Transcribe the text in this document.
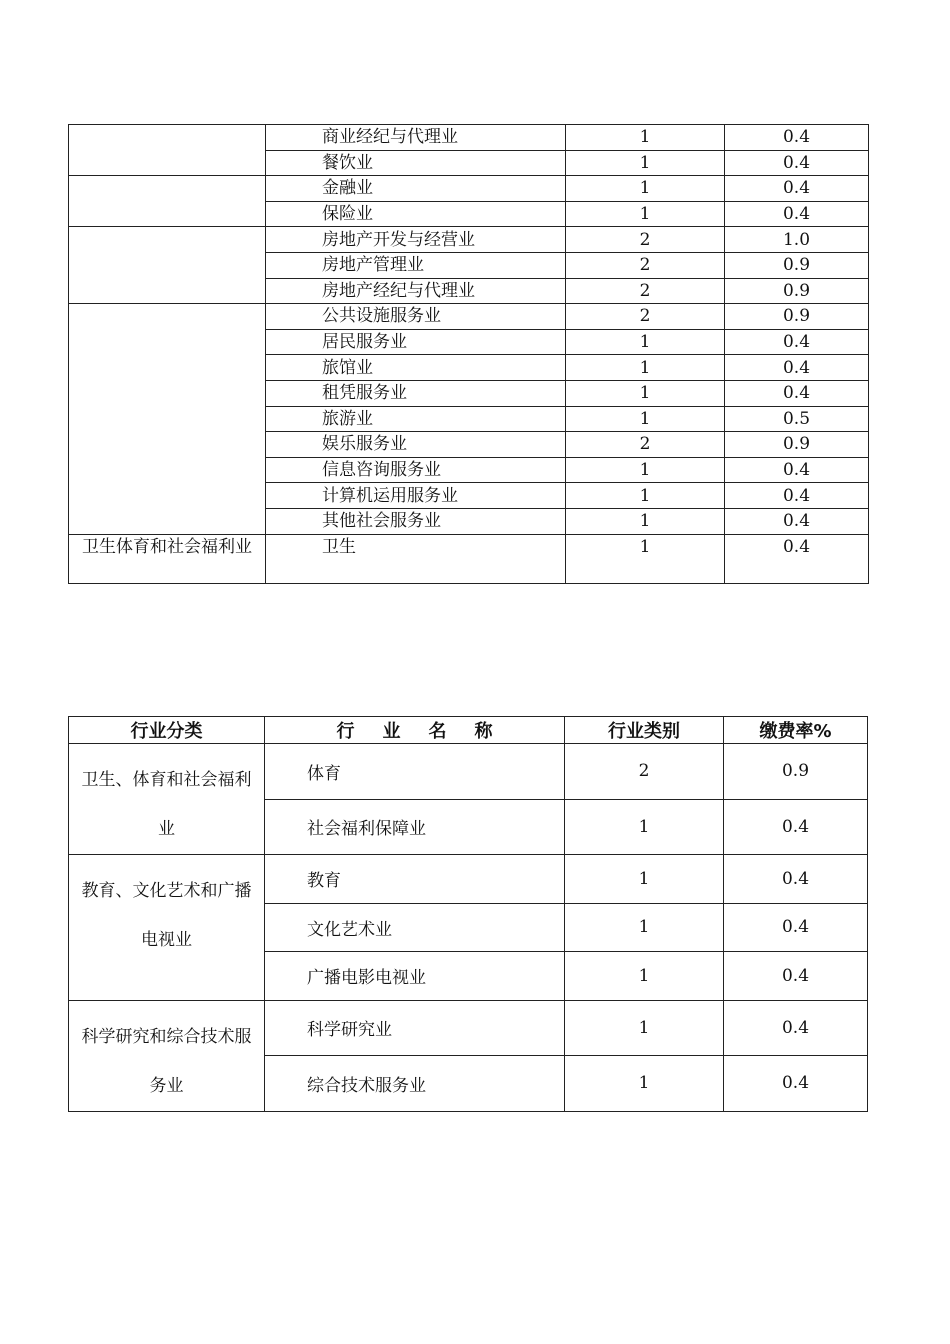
	商业经纪与代理业	1	0.4
	餐饮业	1	0.4
	金融业	1	0.4
	保险业	1	0.4
	房地产开发与经营业	2	1.0
	房地产管理业	2	0.9
	房地产经纪与代理业	2	0.9
	公共设施服务业	2	0.9
	居民服务业	1	0.4
	旅馆业	1	0.4
	租凭服务业	1	0.4
	旅游业	1	0.5
	娱乐服务业	2	0.9
	信息咨询服务业	1	0.4
	计算机运用服务业	1	0.4
	其他社会服务业	1	0.4
卫生体育和社会福利业	卫生	1	0.4
行业分类	行业名称	行业类别	缴费率%

卫生、体育和社会福利业	体育	2	0.9
	社会福利保障业	1	0.4

教育、文化艺术和广播电视业	教育	1	0.4
	文化艺术业	1	0.4
	广播电影电视业	1	0.4

科学研究和综合技术服务业	科学研究业	1	0.4
	综合技术服务业	1	0.4
